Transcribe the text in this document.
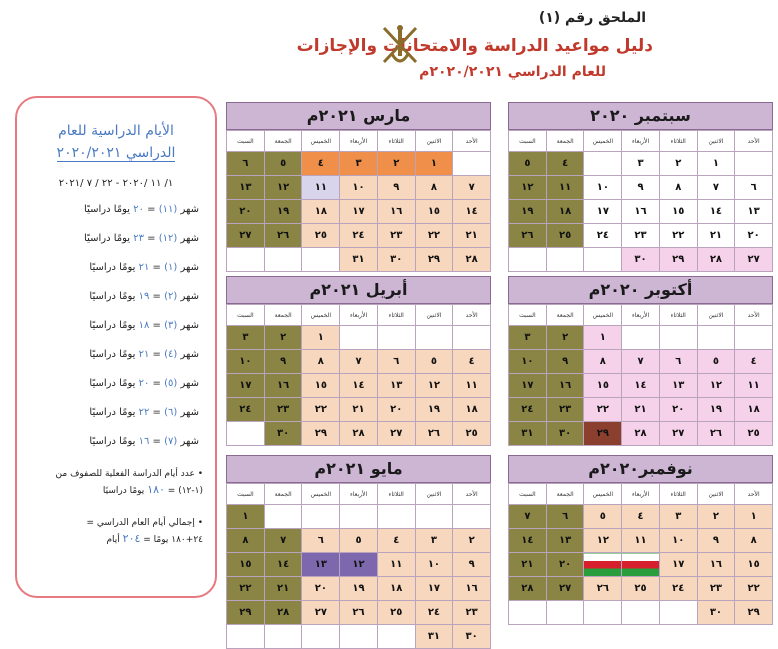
الملحق رقم (١)
دليل مواعيد الدراسة والامتحانات والإجازات
للعام الدراسي ٢٠٢٠/٢٠٢١م
الأيام الدراسية للعام
الدراسي ٢٠٢٠/٢٠٢١
١/ ١١ /٢٠٢٠ - ٢٢ / ٧ /٢٠٢١
شهر (١١) = ٢٠ يومًا دراسيًا
شهر (١٢) = ٢٣ يومًا دراسيًا
شهر (١) = ٢١ يومًا دراسيًا
شهر (٢) = ١٩ يومًا دراسيًا
شهر (٣) = ١٨ يومًا دراسيًا
شهر (٤) = ٢١ يومًا دراسيًا
شهر (٥) = ٢٠ يومًا دراسيًا
شهر (٦) = ٢٢ يومًا دراسيًا
شهر (٧) = ١٦ يومًا دراسيًا
• عدد أيام الدراسة الفعلية للصفوف من
(١-١٢) = ١٨٠ يومًا دراسيًا
• إجمالي أيام العام الدراسي =
٢٤+١٨٠ يومًا = ٢٠٤ أيام
سبتمبر ٢٠٢٠
الأحد	الاثنين	الثلاثاء	الأربعاء	الخميس	الجمعة	السبت
	١	٢	٣		٤	٥
٦	٧	٨	٩	١٠	١١	١٢
١٣	١٤	١٥	١٦	١٧	١٨	١٩
٢٠	٢١	٢٢	٢٣	٢٤	٢٥	٢٦
٢٧	٢٨	٢٩	٣٠			
مارس ٢٠٢١م
الأحد	الاثنين	الثلاثاء	الأربعاء	الخميس	الجمعة	السبت
	١	٢	٣	٤	٥	٦
٧	٨	٩	١٠	١١	١٢	١٣
١٤	١٥	١٦	١٧	١٨	١٩	٢٠
٢١	٢٢	٢٣	٢٤	٢٥	٢٦	٢٧
٢٨	٢٩	٣٠	٣١			
أكتوبر ٢٠٢٠م
الأحد	الاثنين	الثلاثاء	الأربعاء	الخميس	الجمعة	السبت
				١	٢	٣
٤	٥	٦	٧	٨	٩	١٠
١١	١٢	١٣	١٤	١٥	١٦	١٧
١٨	١٩	٢٠	٢١	٢٢	٢٣	٢٤
٢٥	٢٦	٢٧	٢٨	٢٩	٣٠	٣١
أبريل ٢٠٢١م
الأحد	الاثنين	الثلاثاء	الأربعاء	الخميس	الجمعة	السبت
				١	٢	٣
٤	٥	٦	٧	٨	٩	١٠
١١	١٢	١٣	١٤	١٥	١٦	١٧
١٨	١٩	٢٠	٢١	٢٢	٢٣	٢٤
٢٥	٢٦	٢٧	٢٨	٢٩	٣٠	
نوفمبر٢٠٢٠م
الأحد	الاثنين	الثلاثاء	الأربعاء	الخميس	الجمعة	السبت
١	٢	٣	٤	٥	٦	٧
٨	٩	١٠	١١	١٢	١٣	١٤
١٥	١٦	١٧			٢٠	٢١
٢٢	٢٣	٢٤	٢٥	٢٦	٢٧	٢٨
٢٩	٣٠					
مايو ٢٠٢١م
الأحد	الاثنين	الثلاثاء	الأربعاء	الخميس	الجمعة	السبت
						١
٢	٣	٤	٥	٦	٧	٨
٩	١٠	١١	١٢	١٣	١٤	١٥
١٦	١٧	١٨	١٩	٢٠	٢١	٢٢
٢٣	٢٤	٢٥	٢٦	٢٧	٢٨	٢٩
٣٠	٣١					
